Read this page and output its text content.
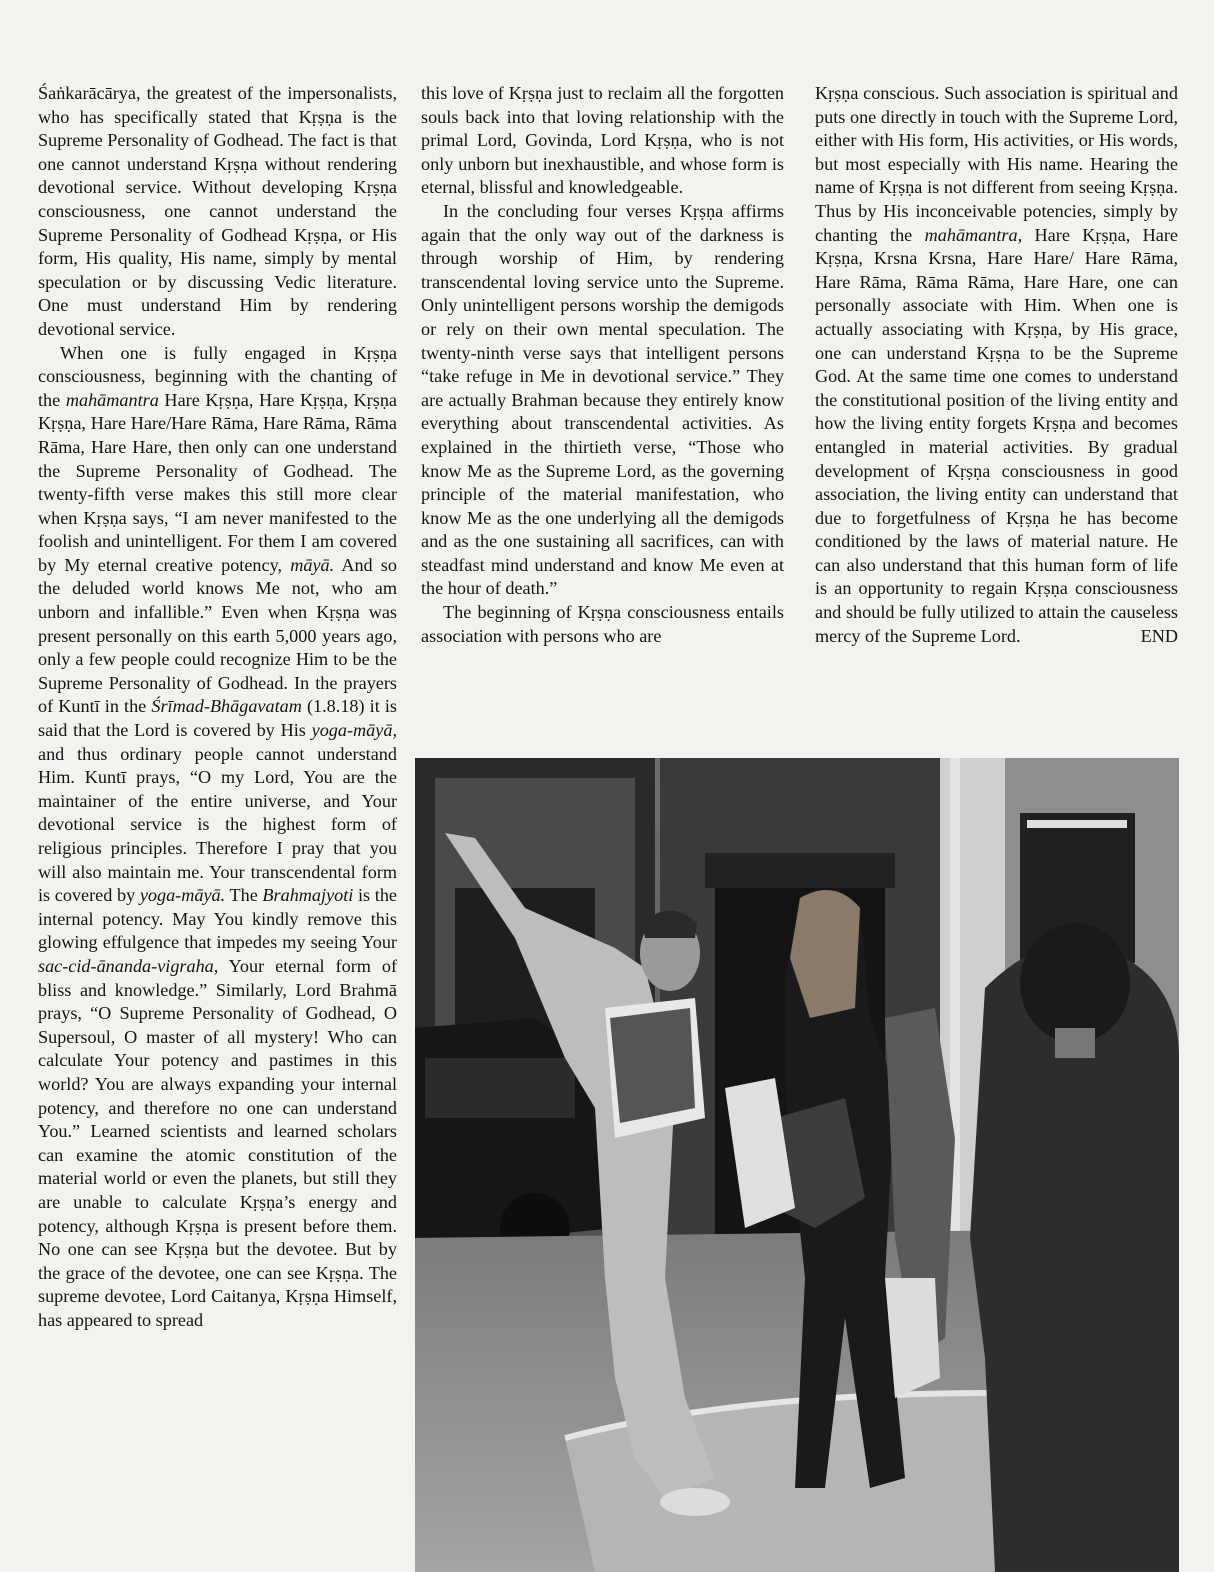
Śaṅkarācārya, the greatest of the impersonalists, who has specifically stated that Kṛṣṇa is the Supreme Personality of Godhead. The fact is that one cannot understand Kṛṣṇa without rendering devotional service. Without developing Kṛṣṇa consciousness, one cannot understand the Supreme Personality of Godhead Kṛṣṇa, or His form, His quality, His name, simply by mental speculation or by discussing Vedic literature. One must understand Him by rendering devotional service.

When one is fully engaged in Kṛṣṇa consciousness, beginning with the chanting of the mahāmantra Hare Kṛṣṇa, Hare Kṛṣṇa, Kṛṣṇa Kṛṣṇa, Hare Hare/Hare Rāma, Hare Rāma, Rāma Rāma, Hare Hare, then only can one understand the Supreme Personality of Godhead. The twenty-fifth verse makes this still more clear when Kṛṣṇa says, “I am never manifested to the foolish and unintelligent. For them I am covered by My eternal creative potency, māyā. And so the deluded world knows Me not, who am unborn and infallible.” Even when Kṛṣṇa was present personally on this earth 5,000 years ago, only a few people could recognize Him to be the Supreme Personality of Godhead. In the prayers of Kuntī in the Śrīmad-Bhāgavatam (1.8.18) it is said that the Lord is covered by His yoga-māyā, and thus ordinary people cannot understand Him. Kuntī prays, “O my Lord, You are the maintainer of the entire universe, and Your devotional service is the highest form of religious principles. Therefore I pray that you will also maintain me. Your transcendental form is covered by yoga-māyā. The Brahmajyoti is the internal potency. May You kindly remove this glowing effulgence that impedes my seeing Your sac-cid-ānanda-vigraha, Your eternal form of bliss and knowledge.” Similarly, Lord Brahmā prays, “O Supreme Personality of Godhead, O Supersoul, O master of all mystery! Who can calculate Your potency and pastimes in this world? You are always expanding your internal potency, and therefore no one can understand You.” Learned scientists and learned scholars can examine the atomic constitution of the material world or even the planets, but still they are unable to calculate Kṛṣṇa’s energy and potency, although Kṛṣṇa is present before them. No one can see Kṛṣṇa but the devotee. But by the grace of the devotee, one can see Kṛṣṇa. The supreme devotee, Lord Caitanya, Kṛṣṇa Himself, has appeared to spread

this love of Kṛṣṇa just to reclaim all the forgotten souls back into that loving relationship with the primal Lord, Govinda, Lord Kṛṣṇa, who is not only unborn but inexhaustible, and whose form is eternal, blissful and knowledgeable.

In the concluding four verses Kṛṣṇa affirms again that the only way out of the darkness is through worship of Him, by rendering transcendental loving service unto the Supreme. Only unintelligent persons worship the demigods or rely on their own mental speculation. The twenty-ninth verse says that intelligent persons “take refuge in Me in devotional service.” They are actually Brahman because they entirely know everything about transcendental activities. As explained in the thirtieth verse, “Those who know Me as the Supreme Lord, as the governing principle of the material manifestation, who know Me as the one underlying all the demigods and as the one sustaining all sacrifices, can with steadfast mind understand and know Me even at the hour of death.”

The beginning of Kṛṣṇa consciousness entails association with persons who are

Kṛṣṇa conscious. Such association is spiritual and puts one directly in touch with the Supreme Lord, either with His form, His activities, or His words, but most especially with His name. Hearing the name of Kṛṣṇa is not different from seeing Kṛṣṇa. Thus by His inconceivable potencies, simply by chanting the mahāmantra, Hare Kṛṣṇa, Hare Kṛṣṇa, Krsna Krsna, Hare Hare/ Hare Rāma, Hare Rāma, Rāma Rāma, Hare Hare, one can personally associate with Him. When one is actually associating with Kṛṣṇa, by His grace, one can understand Kṛṣṇa to be the Supreme God. At the same time one comes to understand the constitutional position of the living entity and how the living entity forgets Kṛṣṇa and becomes entangled in material activities. By gradual development of Kṛṣṇa consciousness in good association, the living entity can understand that due to forgetfulness of Kṛṣṇa he has become conditioned by the laws of material nature. He can also understand that this human form of life is an opportunity to regain Kṛṣṇa consciousness and should be fully utilized to attain the causeless mercy of the Supreme Lord.	END
